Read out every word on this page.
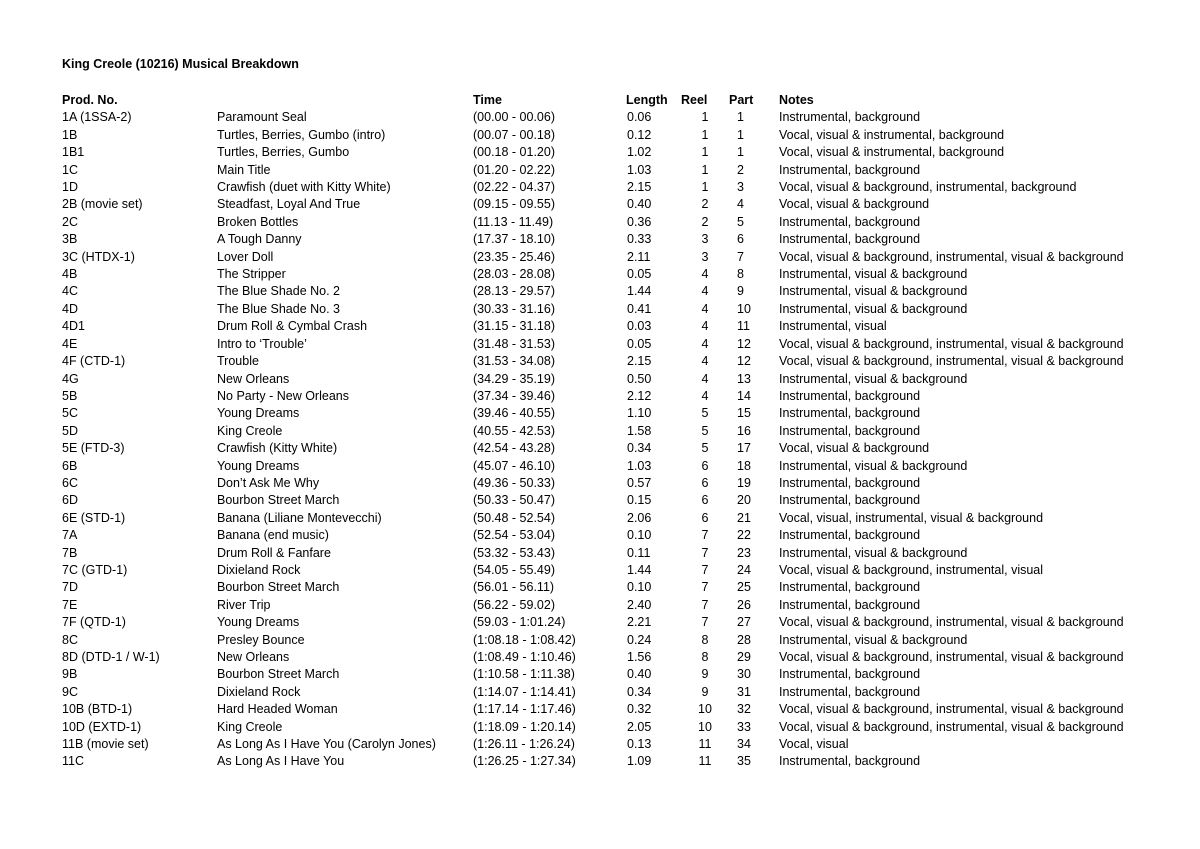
King Creole (10216) Musical Breakdown
Prod. No.		Time	Length	Reel	Part	Notes
1A (1SSA-2)	Paramount Seal	(00.00 - 00.06)	0.06	1	1	Instrumental, background
1B	Turtles, Berries, Gumbo (intro)	(00.07 - 00.18)	0.12	1	1	Vocal, visual & instrumental, background
1B1	Turtles, Berries, Gumbo	(00.18 - 01.20)	1.02	1	1	Vocal, visual & instrumental, background
1C	Main Title	(01.20 - 02.22)	1.03	1	2	Instrumental, background
1D	Crawfish (duet with Kitty White)	(02.22 - 04.37)	2.15	1	3	Vocal, visual & background, instrumental, background
2B (movie set)	Steadfast, Loyal And True	(09.15 - 09.55)	0.40	2	4	Vocal, visual & background
2C	Broken Bottles	(11.13 - 11.49)	0.36	2	5	Instrumental, background
3B	A Tough Danny	(17.37 - 18.10)	0.33	3	6	Instrumental, background
3C (HTDX-1)	Lover Doll	(23.35 - 25.46)	2.11	3	7	Vocal, visual & background, instrumental, visual & background
4B	The Stripper	(28.03 - 28.08)	0.05	4	8	Instrumental, visual & background
4C	The Blue Shade No. 2	(28.13 - 29.57)	1.44	4	9	Instrumental, visual & background
4D	The Blue Shade No. 3	(30.33 - 31.16)	0.41	4	10	Instrumental, visual & background
4D1	Drum Roll & Cymbal Crash	(31.15 - 31.18)	0.03	4	11	Instrumental, visual
4E	Intro to ‘Trouble’	(31.48 - 31.53)	0.05	4	12	Vocal, visual & background, instrumental, visual & background
4F (CTD-1)	Trouble	(31.53 - 34.08)	2.15	4	12	Vocal, visual & background, instrumental, visual & background
4G	New Orleans	(34.29 - 35.19)	0.50	4	13	Instrumental, visual & background
5B	No Party - New Orleans	(37.34 - 39.46)	2.12	4	14	Instrumental, background
5C	Young Dreams	(39.46 - 40.55)	1.10	5	15	Instrumental, background
5D	King Creole	(40.55 - 42.53)	1.58	5	16	Instrumental, background
5E (FTD-3)	Crawfish (Kitty White)	(42.54 - 43.28)	0.34	5	17	Vocal, visual & background
6B	Young Dreams	(45.07 - 46.10)	1.03	6	18	Instrumental, visual & background
6C	Don’t Ask Me Why	(49.36 - 50.33)	0.57	6	19	Instrumental, background
6D	Bourbon Street March	(50.33 - 50.47)	0.15	6	20	Instrumental, background
6E (STD-1)	Banana (Liliane Montevecchi)	(50.48 - 52.54)	2.06	6	21	Vocal, visual, instrumental, visual & background
7A	Banana (end music)	(52.54 - 53.04)	0.10	7	22	Instrumental, background
7B	Drum Roll & Fanfare	(53.32 - 53.43)	0.11	7	23	Instrumental, visual & background
7C (GTD-1)	Dixieland Rock	(54.05 - 55.49)	1.44	7	24	Vocal, visual & background, instrumental, visual
7D	Bourbon Street March	(56.01 - 56.11)	0.10	7	25	Instrumental, background
7E	River Trip	(56.22 - 59.02)	2.40	7	26	Instrumental, background
7F (QTD-1)	Young Dreams	(59.03 - 1:01.24)	2.21	7	27	Vocal, visual & background, instrumental, visual & background
8C	Presley Bounce	(1:08.18 - 1:08.42)	0.24	8	28	Instrumental, visual & background
8D (DTD-1 / W-1)	New Orleans	(1:08.49 - 1:10.46)	1.56	8	29	Vocal, visual & background, instrumental, visual & background
9B	Bourbon Street March	(1:10.58 - 1:11.38)	0.40	9	30	Instrumental, background
9C	Dixieland Rock	(1:14.07 - 1:14.41)	0.34	9	31	Instrumental, background
10B (BTD-1)	Hard Headed Woman	(1:17.14 - 1:17.46)	0.32	10	32	Vocal, visual & background, instrumental, visual & background
10D (EXTD-1)	King Creole	(1:18.09 - 1:20.14)	2.05	10	33	Vocal, visual & background, instrumental, visual & background
11B (movie set)	As Long As I Have You (Carolyn Jones)	(1:26.11 - 1:26.24)	0.13	11	34	Vocal, visual
11C	As Long As I Have You	(1:26.25 - 1:27.34)	1.09	11	35	Instrumental, background
